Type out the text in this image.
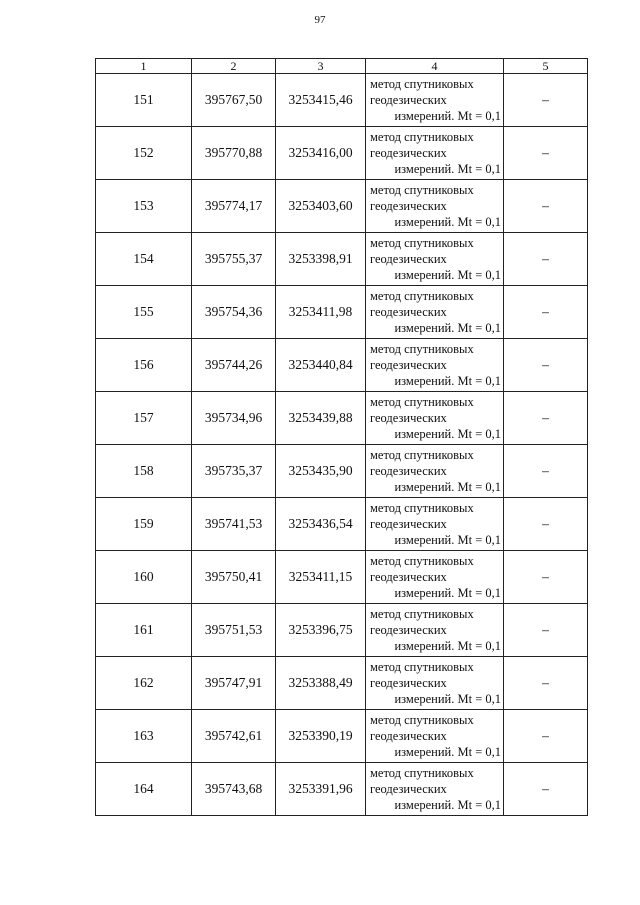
97
1	2	3	4	5
151	395767,50	3253415,46	метод спутниковых
геодезических
измерений. Mt = 0,1	–
152	395770,88	3253416,00	метод спутниковых
геодезических
измерений. Mt = 0,1	–
153	395774,17	3253403,60	метод спутниковых
геодезических
измерений. Mt = 0,1	–
154	395755,37	3253398,91	метод спутниковых
геодезических
измерений. Mt = 0,1	–
155	395754,36	3253411,98	метод спутниковых
геодезических
измерений. Mt = 0,1	–
156	395744,26	3253440,84	метод спутниковых
геодезических
измерений. Mt = 0,1	–
157	395734,96	3253439,88	метод спутниковых
геодезических
измерений. Mt = 0,1	–
158	395735,37	3253435,90	метод спутниковых
геодезических
измерений. Mt = 0,1	–
159	395741,53	3253436,54	метод спутниковых
геодезических
измерений. Mt = 0,1	–
160	395750,41	3253411,15	метод спутниковых
геодезических
измерений. Mt = 0,1	–
161	395751,53	3253396,75	метод спутниковых
геодезических
измерений. Mt = 0,1	–
162	395747,91	3253388,49	метод спутниковых
геодезических
измерений. Mt = 0,1	–
163	395742,61	3253390,19	метод спутниковых
геодезических
измерений. Mt = 0,1	–
164	395743,68	3253391,96	метод спутниковых
геодезических
измерений. Mt = 0,1	–
